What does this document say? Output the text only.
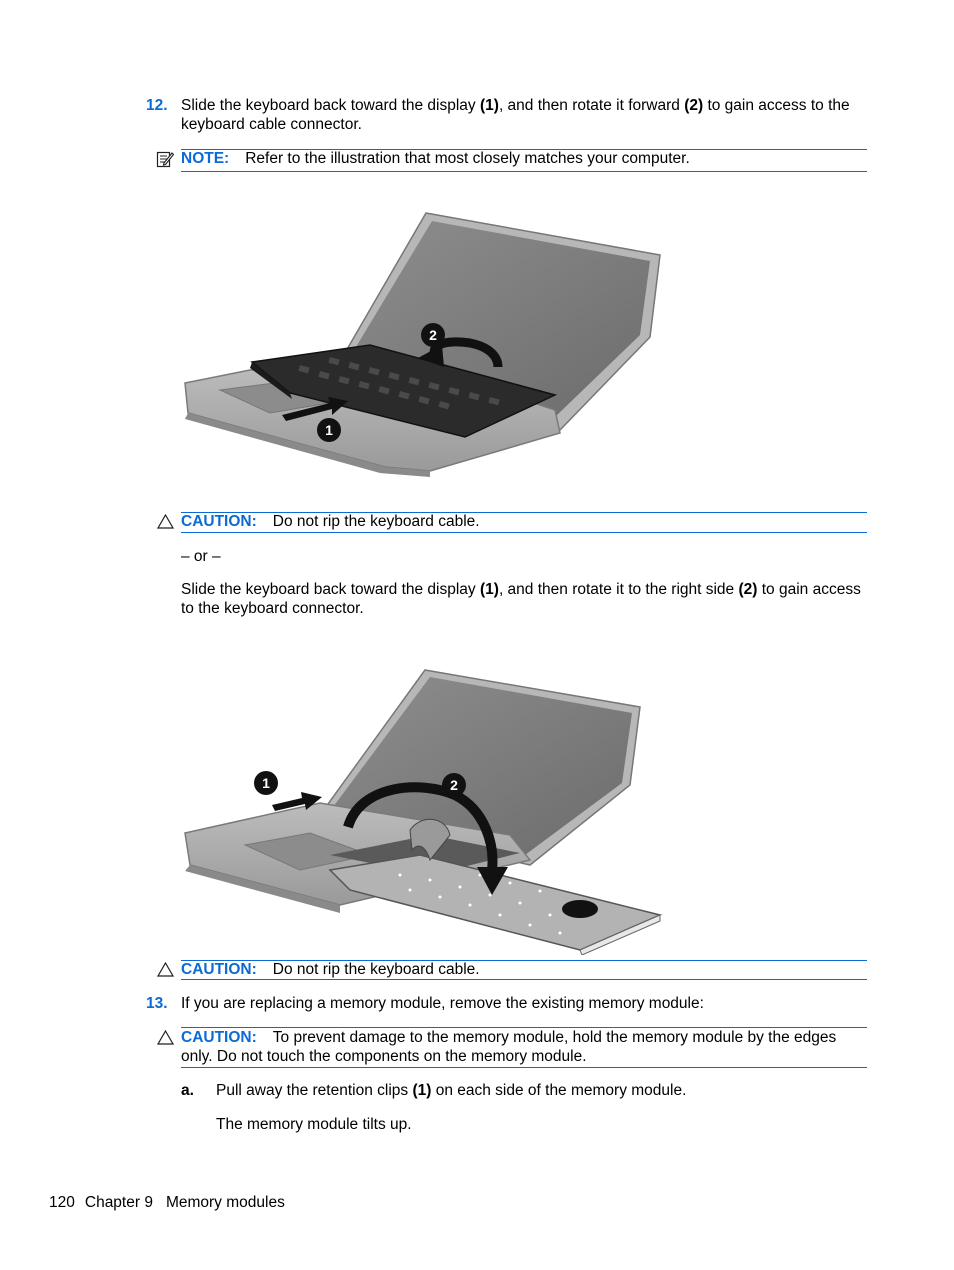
12. Slide the keyboard back toward the display (1), and then rotate it forward (2) to gain access to the
keyboard cable connector.
NOTE: Refer to the illustration that most closely matches your computer.
1
2
CAUTION: Do not rip the keyboard cable.
– or –
Slide the keyboard back toward the display (1), and then rotate it to the right side (2) to gain access
to the keyboard connector.
1	2
CAUTION: Do not rip the keyboard cable.
13. If you are replacing a memory module, remove the existing memory module:
CAUTION: To prevent damage to the memory module, hold the memory module by the edges
only. Do not touch the components on the memory module.
a. Pull away the retention clips (1) on each side of the memory module.
The memory module tilts up.
120 Chapter 9 Memory modules
